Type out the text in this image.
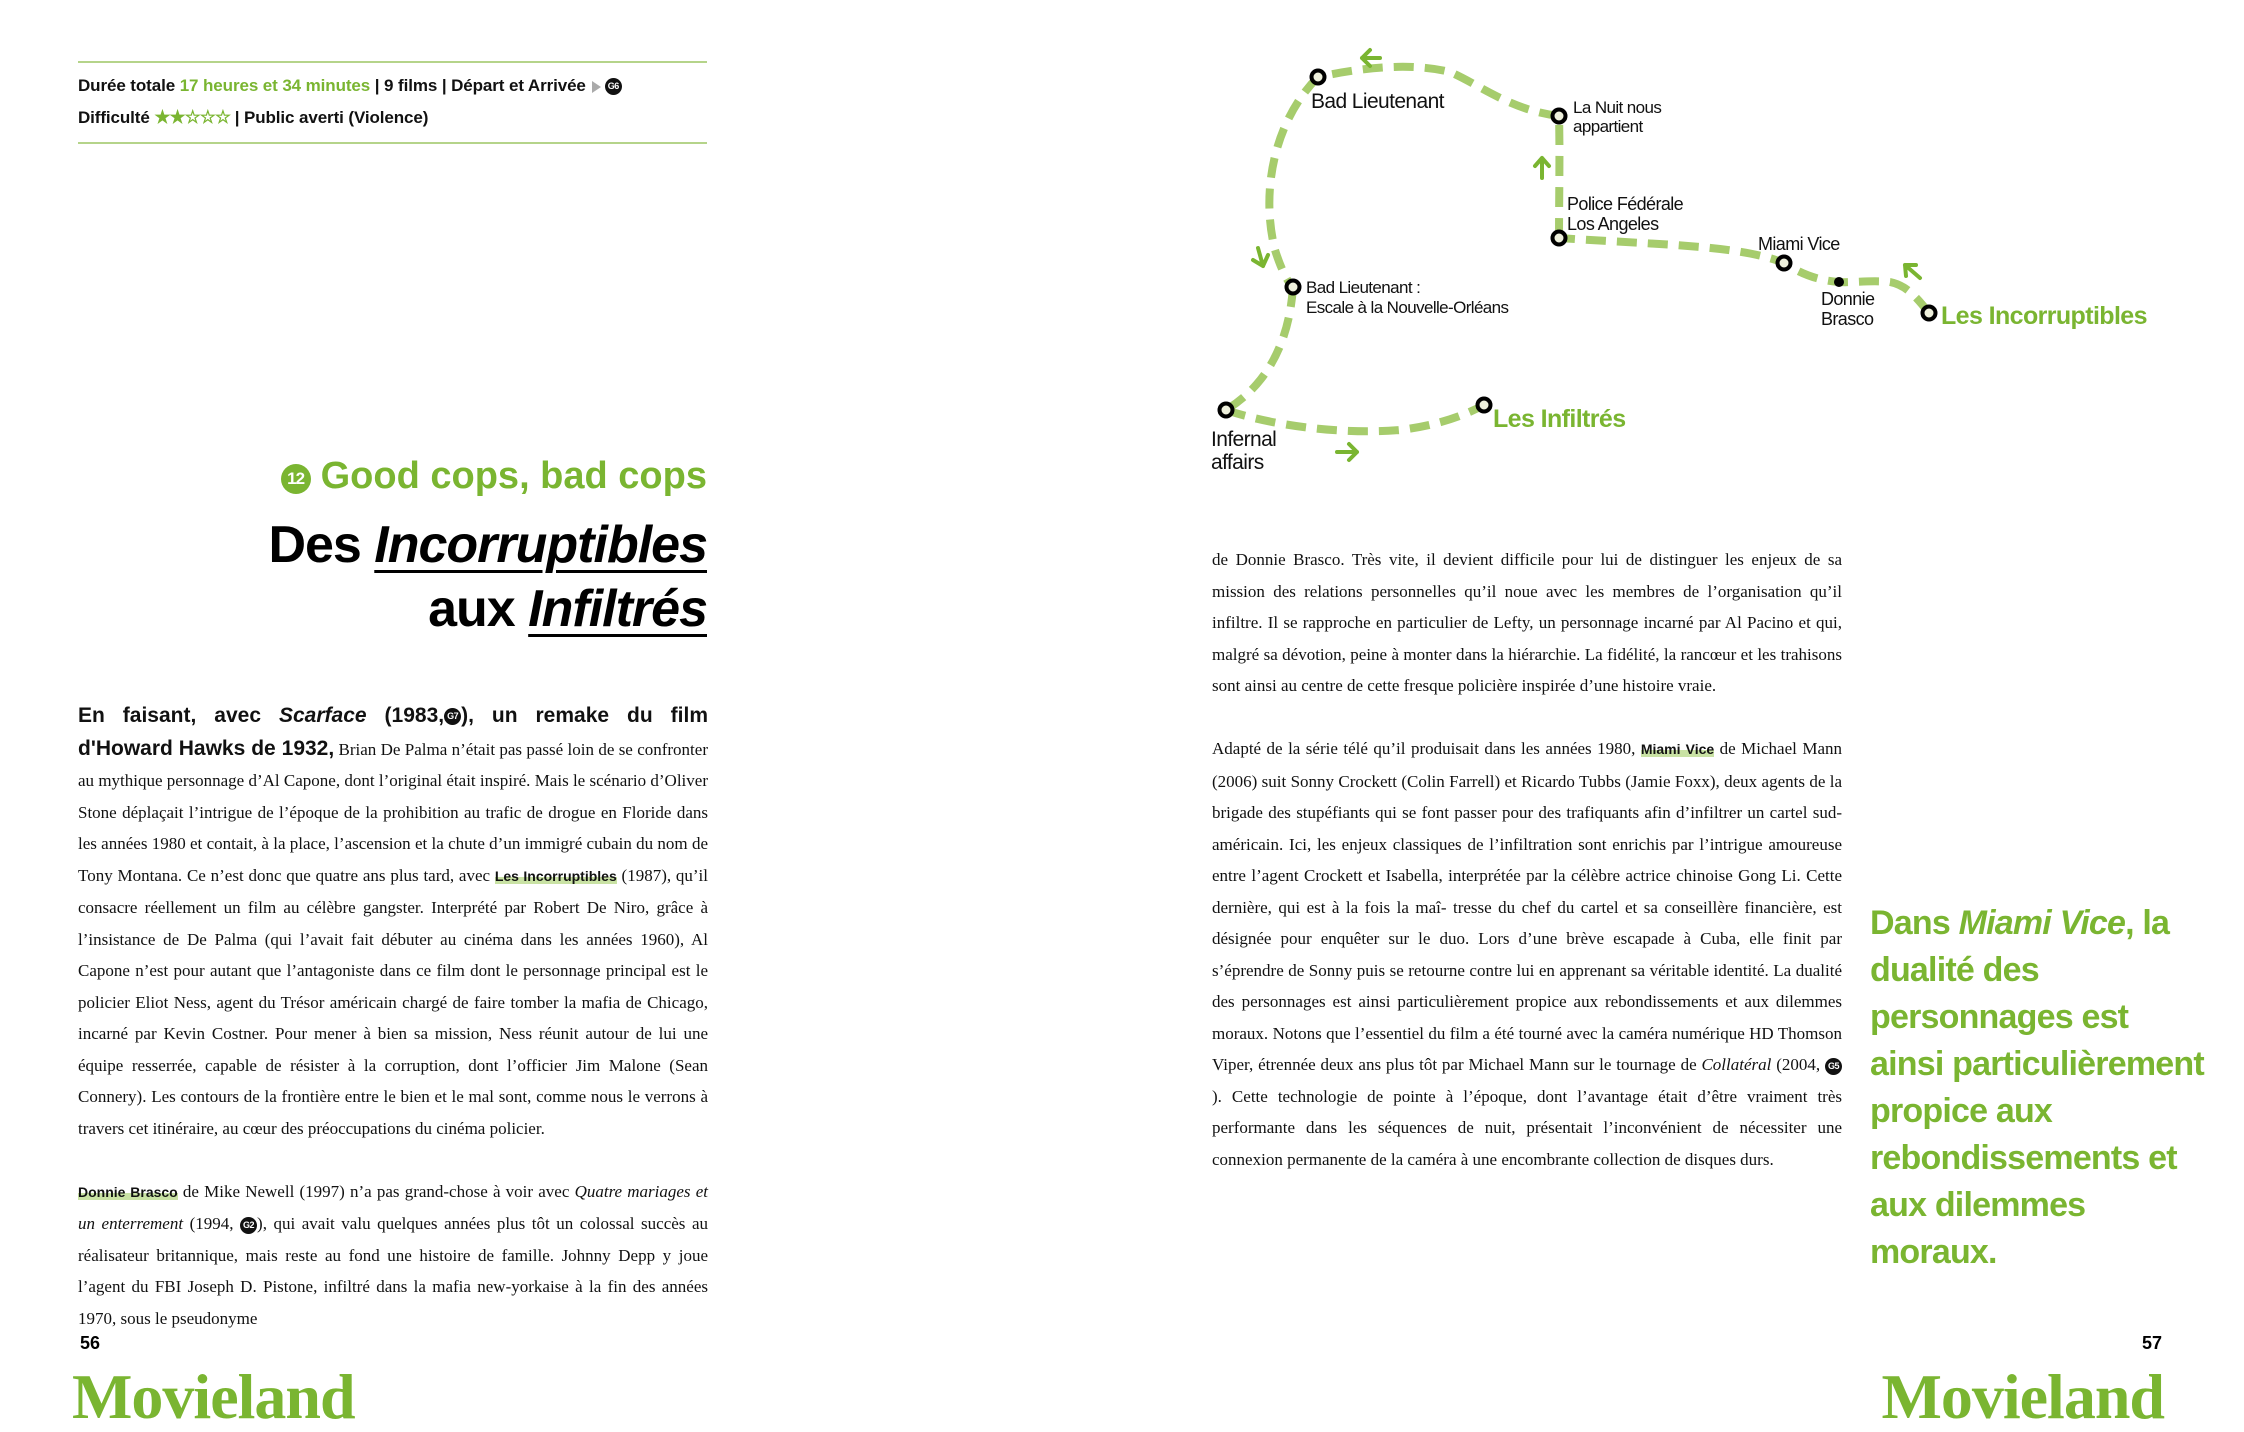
Durée totale 17 heures et 34 minutes | 9 films | Départ et Arrivée G6
Difficulté ★★☆☆☆ | Public averti (Violence)
12 Good cops, bad cops
Des Incorruptibles
aux Infiltrés

En faisant, avec Scarface (1983, G7 ), un remake du film d'Howard Hawks de 1932, Brian De Palma n’était pas passé loin de se confronter au mythique personnage d’Al Capone, dont l’original était inspiré. Mais le scénario d’Oliver Stone déplaçait l’intrigue de l’époque de la prohibition au trafic de drogue en Floride dans les années 1980 et contait, à la place, l’ascension et la chute d’un immigré cubain du nom de Tony Montana. Ce n’est donc que quatre ans plus tard, avec Les Incorruptibles (1987), qu’il consacre réellement un film au célèbre gangster. Interprété par Robert De Niro, grâce à l’insistance de De Palma (qui l’avait fait débuter au cinéma dans les années 1960), Al Capone n’est pour autant que l’antagoniste dans ce film dont le personnage principal est le policier Eliot Ness, agent du Trésor américain chargé de faire tomber la mafia de Chicago, incarné par Kevin Costner. Pour mener à bien sa mission, Ness réunit autour de lui une équipe resserrée, capable de résister à la corruption, dont l’officier Jim Malone (Sean Connery). Les contours de la frontière entre le bien et le mal sont, comme nous le verrons à travers cet itinéraire, au cœur des préoccupations du cinéma policier.

Donnie Brasco de Mike Newell (1997) n’a pas grand-chose à voir avec Quatre mariages et un enterrement (1994, G2 ), qui avait valu quelques années plus tôt un colossal succès au réalisateur britannique, mais reste au fond une histoire de famille. Johnny Depp y joue l’agent du FBI Joseph D. Pistone, infiltré dans la mafia new-yorkaise à la fin des années 1970, sous le pseudonyme

56
Movieland
Les Incorruptibles
Donnie
Brasco
Miami Vice
Police Fédérale
Los Angeles
La Nuit nous
appartient
Bad Lieutenant
Bad Lieutenant :
Escale à la Nouvelle-Orléans
Infernal
affairs
Les Infiltrés

de Donnie Brasco. Très vite, il devient difficile pour lui de distinguer les enjeux de sa mission des relations personnelles qu’il noue avec les membres de l’organisation qu’il infiltre. Il se rapproche en particulier de Lefty, un personnage incarné par Al Pacino et qui, malgré sa dévotion, peine à monter dans la hiérarchie. La fidélité, la rancœur et les trahisons sont ainsi au centre de cette fresque policière inspirée d’une histoire vraie.

Adapté de la série télé qu’il produisait dans les années 1980, Miami Vice de Michael Mann (2006) suit Sonny Crockett (Colin Farrell) et Ricardo Tubbs (Jamie Foxx), deux agents de la brigade des stupéfiants qui se font passer pour des trafiquants afin d’infiltrer un cartel sud-américain. Ici, les enjeux classiques de l’infiltration sont enrichis par l’intrigue amoureuse entre l’agent Crockett et Isabella, interprétée par la célèbre actrice chinoise Gong Li. Cette dernière, qui est à la fois la maî- tresse du chef du cartel et sa conseillère financière, est désignée pour enquêter sur le duo. Lors d’une brève escapade à Cuba, elle finit par s’éprendre de Sonny puis se retourne contre lui en apprenant sa véritable identité. La dualité des personnages est ainsi particulièrement propice aux rebondissements et aux dilemmes moraux. Notons que l’essentiel du film a été tourné avec la caméra numérique HD Thomson Viper, étrennée deux ans plus tôt par Michael Mann sur le tournage de Collatéral (2004, G5). Cette technologie de pointe à l’époque, dont l’avantage était d’être vraiment très performante dans les séquences de nuit, présentait l’inconvénient de nécessiter une connexion permanente de la caméra à une encombrante collection de disques durs.

Dans Miami Vice, la dualité des personnages est ainsi particulièrement propice aux rebondissements et aux dilemmes moraux.
57
Movieland
